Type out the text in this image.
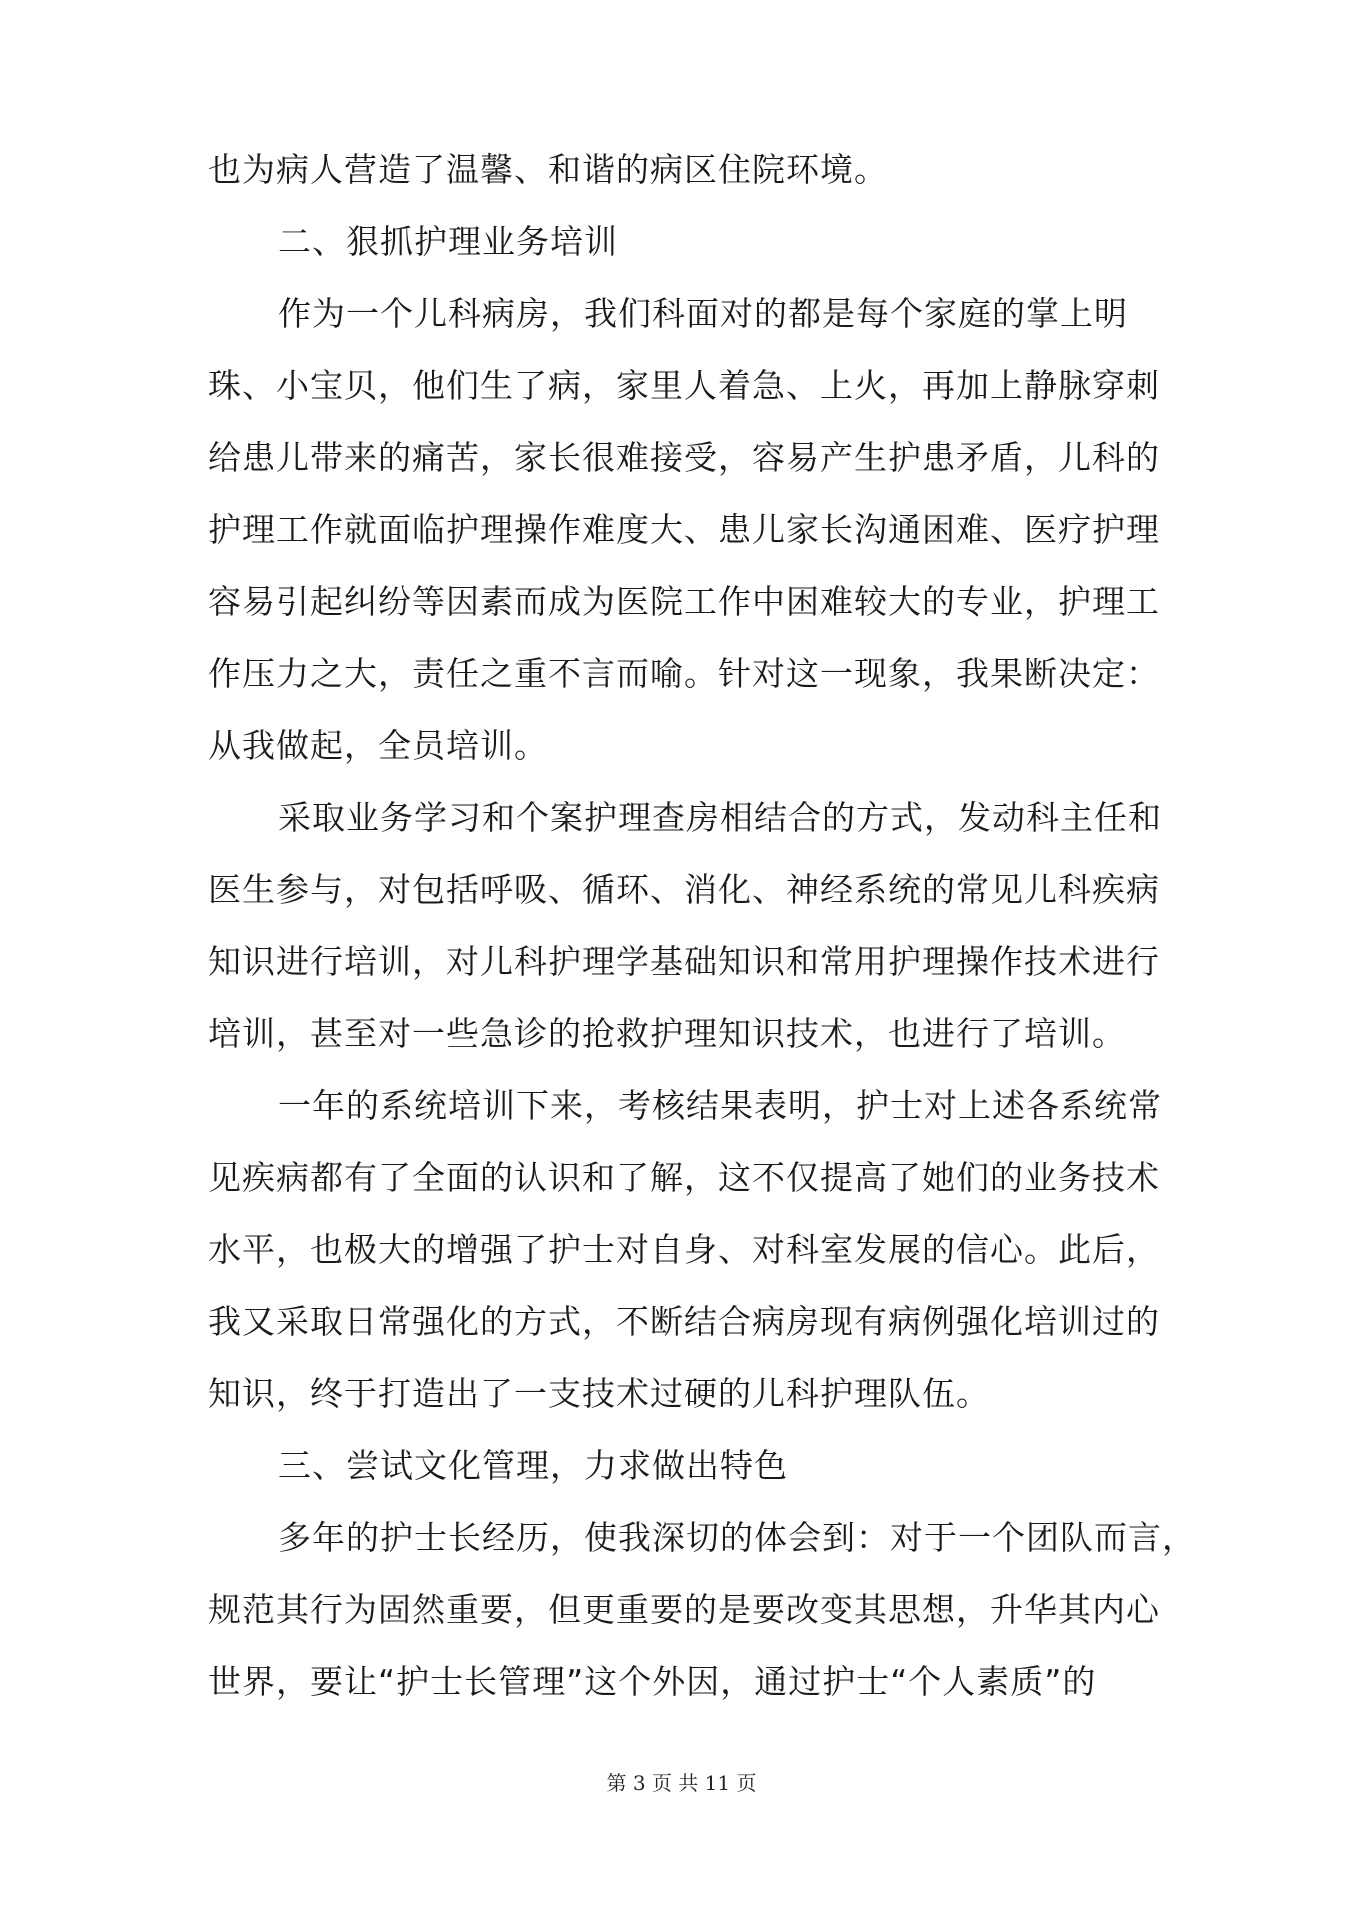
也为病人营造了温馨、和谐的病区住院环境。
二、狠抓护理业务培训
作为一个儿科病房，我们科面对的都是每个家庭的掌上明
珠、小宝贝，他们生了病，家里人着急、上火，再加上静脉穿刺
给患儿带来的痛苦，家长很难接受，容易产生护患矛盾，儿科的
护理工作就面临护理操作难度大、患儿家长沟通困难、医疗护理
容易引起纠纷等因素而成为医院工作中困难较大的专业，护理工
作压力之大，责任之重不言而喻。针对这一现象，我果断决定：
从我做起，全员培训。
采取业务学习和个案护理查房相结合的方式，发动科主任和
医生参与，对包括呼吸、循环、消化、神经系统的常见儿科疾病
知识进行培训，对儿科护理学基础知识和常用护理操作技术进行
培训，甚至对一些急诊的抢救护理知识技术，也进行了培训。
一年的系统培训下来，考核结果表明，护士对上述各系统常
见疾病都有了全面的认识和了解，这不仅提高了她们的业务技术
水平，也极大的增强了护士对自身、对科室发展的信心。此后，
我又采取日常强化的方式，不断结合病房现有病例强化培训过的
知识，终于打造出了一支技术过硬的儿科护理队伍。
三、尝试文化管理，力求做出特色
多年的护士长经历，使我深切的体会到：对于一个团队而言，
规范其行为固然重要，但更重要的是要改变其思想，升华其内心
世界，要让“护士长管理”这个外因，通过护士“个人素质”的
第 3 页 共 11 页
